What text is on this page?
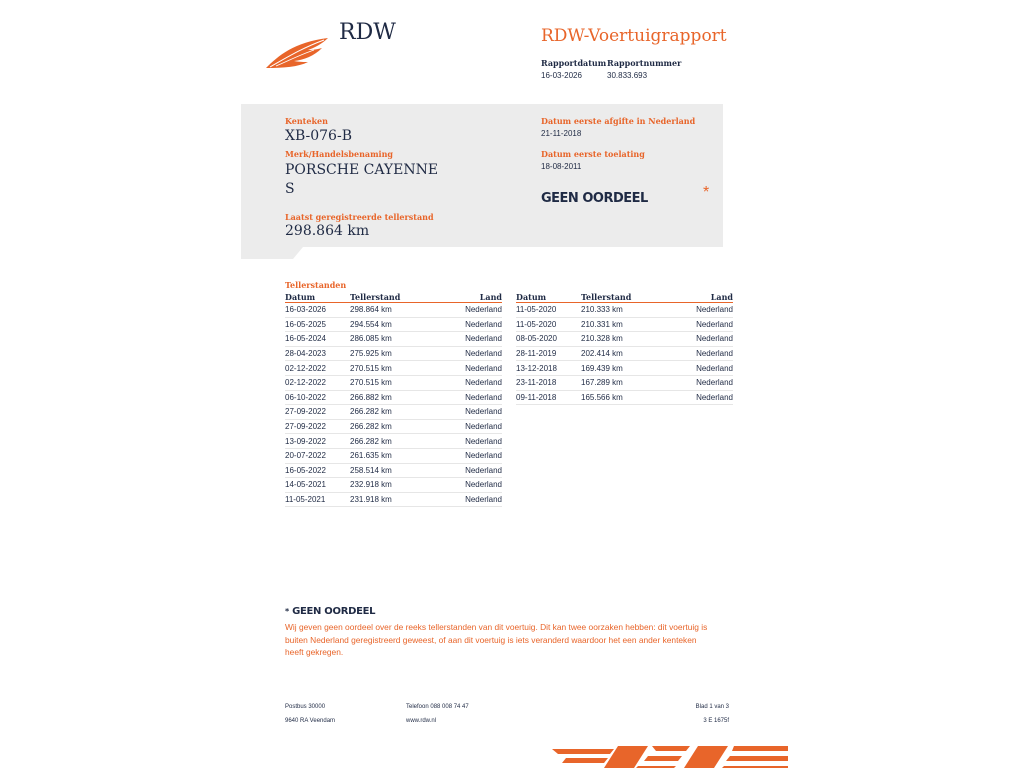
RDW	RDW-Voertuigrapport
Rapportdatum
16-03-2026
Rapportnummer
30.833.693
Kenteken
XB-076-B
Merk/Handelsbenaming
PORSCHE CAYENNE
S
Laatst geregistreerde tellerstand
298.864 km
Datum eerste afgifte in Nederland
21-11-2018
Datum eerste toelating
18-08-2011
GEEN OORDEEL	*
Tellerstanden
Datum	Tellerstand	Land
16-03-2026	298.864 km	Nederland
16-05-2025	294.554 km	Nederland
16-05-2024	286.085 km	Nederland
28-04-2023	275.925 km	Nederland
02-12-2022	270.515 km	Nederland
02-12-2022	270.515 km	Nederland
06-10-2022	266.882 km	Nederland
27-09-2022	266.282 km	Nederland
27-09-2022	266.282 km	Nederland
13-09-2022	266.282 km	Nederland
20-07-2022	261.635 km	Nederland
16-05-2022	258.514 km	Nederland
14-05-2021	232.918 km	Nederland
11-05-2021	231.918 km	Nederland
Datum	Tellerstand	Land
11-05-2020	210.333 km	Nederland
11-05-2020	210.331 km	Nederland
08-05-2020	210.328 km	Nederland
28-11-2019	202.414 km	Nederland
13-12-2018	169.439 km	Nederland
23-11-2018	167.289 km	Nederland
09-11-2018	165.566 km	Nederland
* GEEN OORDEEL
Wij geven geen oordeel over de reeks tellerstanden van dit voertuig. Dit kan twee oorzaken hebben: dit voertuig is buiten Nederland geregistreerd geweest, of aan dit voertuig is iets veranderd waardoor het een ander kenteken heeft gekregen.
Postbus 30000
9640 RA Veendam
Telefoon 088 008 74 47
www.rdw.nl
Blad 1 van 3
3 E 1675f
